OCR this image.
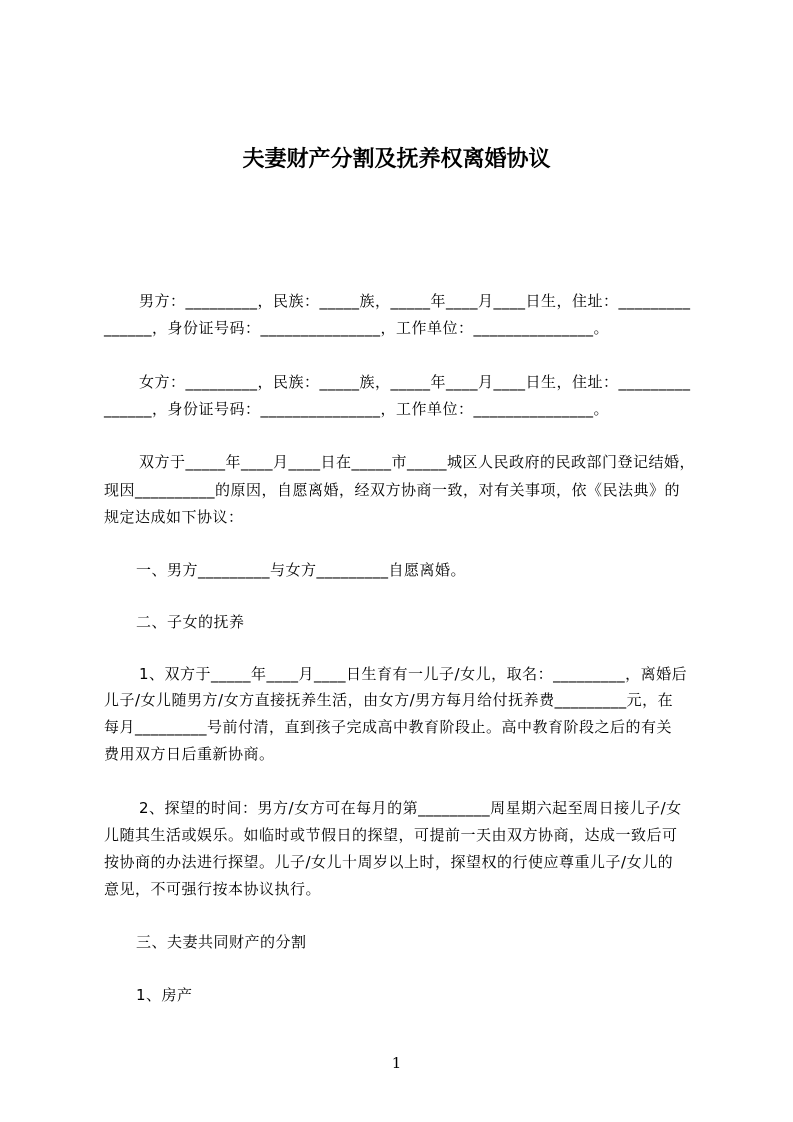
夫妻财产分割及抚养权离婚协议
男方：_________，民族：_____族，_____年____月____日生，住址：_________
______，身份证号码：_______________，工作单位：_______________。
女方：_________，民族：_____族，_____年____月____日生，住址：_________
______，身份证号码：_______________，工作单位：_______________。
双方于_____年____月____日在_____市_____城区人民政府的民政部门登记结婚，
现因__________的原因，自愿离婚，经双方协商一致，对有关事项，依《民法典》的
规定达成如下协议：
一、男方_________与女方_________自愿离婚。
二、子女的抚养
1、双方于_____年____月____日生育有一儿子/女儿，取名：_________，离婚后
儿子/女儿随男方/女方直接抚养生活，由女方/男方每月给付抚养费_________元，在
每月_________号前付清，直到孩子完成高中教育阶段止。高中教育阶段之后的有关
费用双方日后重新协商。
2、探望的时间：男方/女方可在每月的第_________周星期六起至周日接儿子/女
儿随其生活或娱乐。如临时或节假日的探望，可提前一天由双方协商，达成一致后可
按协商的办法进行探望。儿子/女儿十周岁以上时，探望权的行使应尊重儿子/女儿的
意见，不可强行按本协议执行。
三、夫妻共同财产的分割
1、房产
1
